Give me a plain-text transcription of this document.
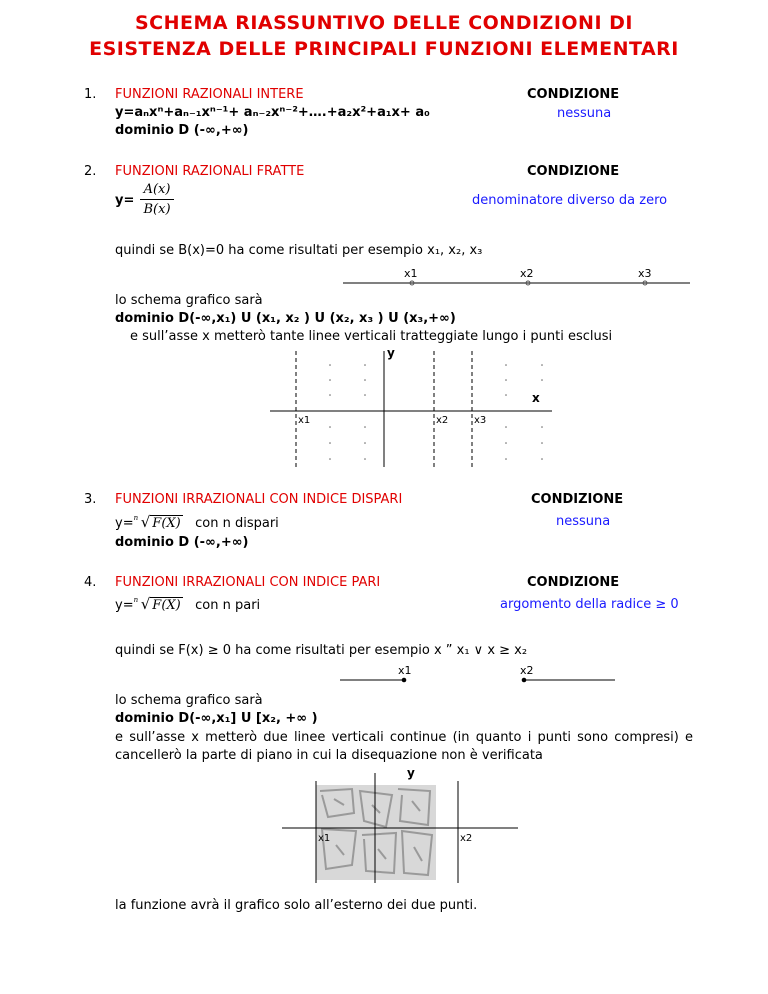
SCHEMA RIASSUNTIVO DELLE CONDIZIONI DI
ESISTENZA DELLE PRINCIPALI FUNZIONI ELEMENTARI
1. FUNZIONI RAZIONALI INTERE	CONDIZIONE
y=aₙxⁿ+aₙ₋₁xⁿ⁻¹+ aₙ₋₂xⁿ⁻²+….+a₂x²+a₁x+ a₀	nessuna
dominio D (-∞,+∞)
2. FUNZIONI RAZIONALI FRATTE	CONDIZIONE
y=
A(x)
B(x)
denominatore diverso da zero
quindi se B(x)=0 ha come risultati per esempio x₁, x₂, x₃
x1	x2	x3
lo schema grafico sarà
dominio D(-∞,x₁) U (x₁, x₂ ) U (x₂, x₃ ) U (x₃,+∞)
e sull’asse x metterò tante linee verticali tratteggiate lungo i punti esclusi
y
x
x1	x2	x3
3. FUNZIONI IRRAZIONALI CON INDICE DISPARI	CONDIZIONE
y= n √ F(X) con n dispari	nessuna
dominio D (-∞,+∞)
4. FUNZIONI IRRAZIONALI CON INDICE PARI	CONDIZIONE
y= n √ F(X) con n pari	argomento della radice ≥ 0
quindi se F(x) ≥ 0 ha come risultati per esempio x ” x₁ ∨ x ≥ x₂
x1	x2
lo schema grafico sarà
dominio D(-∞,x₁] U [x₂, +∞ )
e sull’asse x metterò due linee verticali continue (in quanto i punti sono compresi) e cancellerò la parte di piano in cui la disequazione non è verificata
y
x1	x2
la funzione avrà il grafico solo all’esterno dei due punti.
